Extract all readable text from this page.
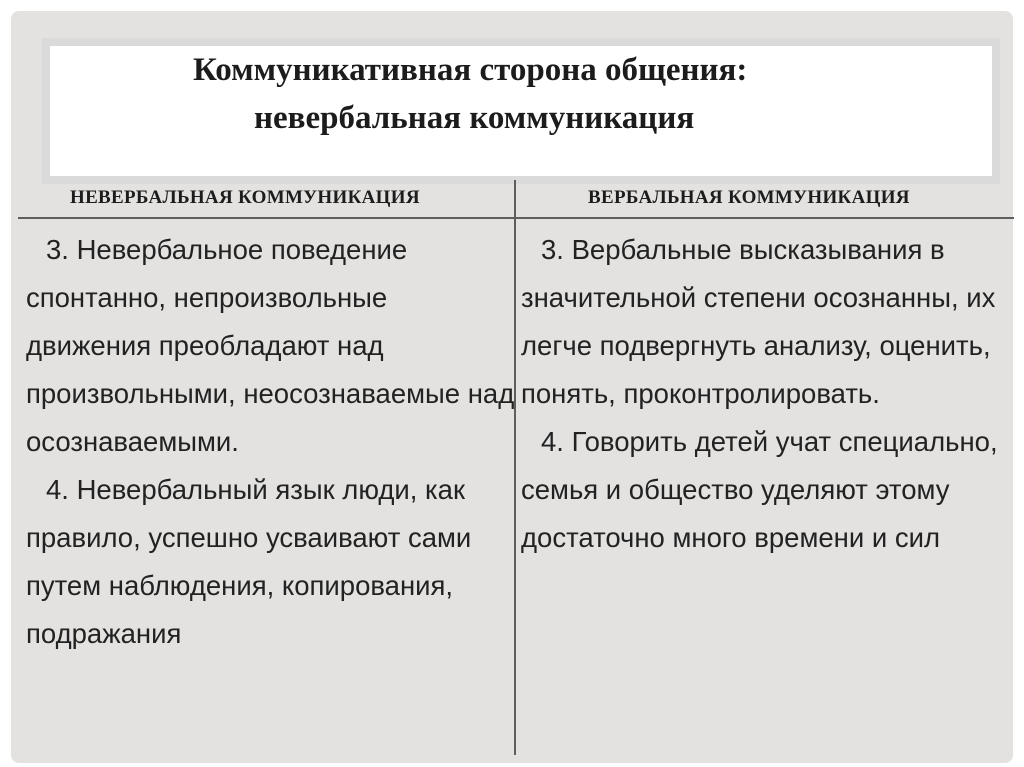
Коммуникативная сторона общения:
невербальная коммуникация
НЕВЕРБАЛЬНАЯ КОММУНИКАЦИЯ	ВЕРБАЛЬНАЯ КОММУНИКАЦИЯ

3. Невербальное поведение спонтанно, непроизвольные движения преобладают над произвольными, неосознаваемые над осознаваемыми.

4. Невербальный язык люди, как правило, успешно усваивают сами путем наблюдения, копирования, подражания

3. Вербальные высказывания в значительной степени осознанны, их легче подвергнуть анализу, оценить, понять, проконтролировать.

4. Говорить детей учат специально, семья и общество уделяют этому достаточно много времени и сил
